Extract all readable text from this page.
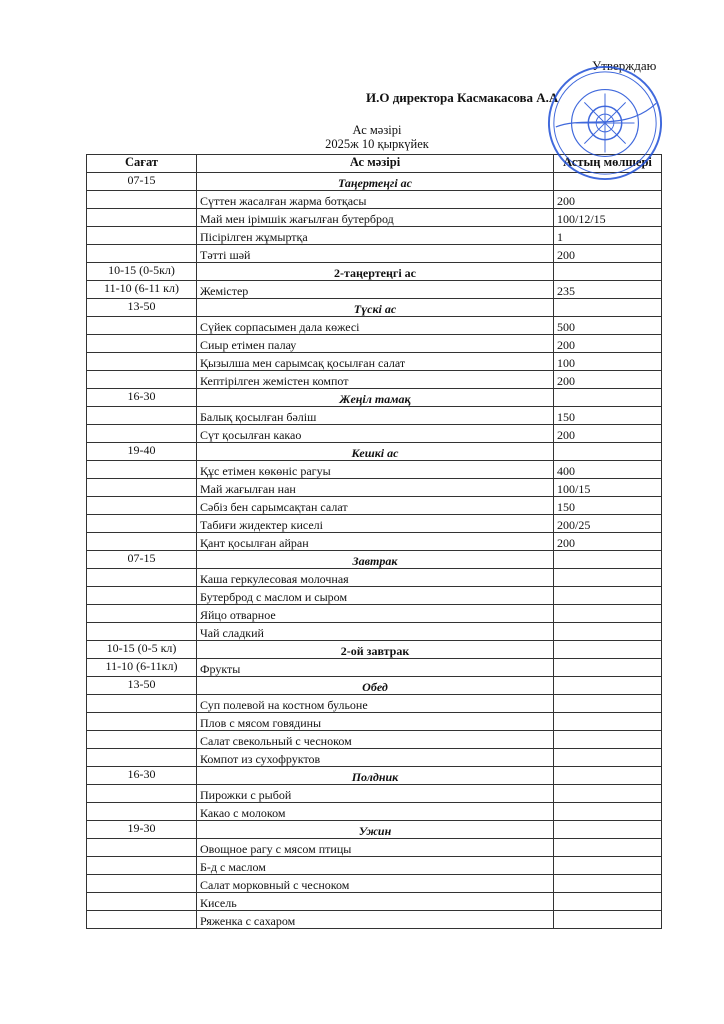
Утверждаю
И.О директора Касмакасова А.А
Ас мәзірі
2025ж 10 қыркүйек
Сағат	Ас мәзірі	Астың мөлшері
07-15	Таңертеңгі ас	
	Сүттен жасалған жарма ботқасы	200
	Май мен ірімшік жағылған бутерброд	100/12/15
	Пісірілген жұмыртқа	1
	Тәтті шәй	200
10-15 (0-5кл)	2-таңертеңгі ас	
11-10 (6-11 кл)	Жемістер	235
13-50	Түскі ас	
	Сүйек сорпасымен дала көжесі	500
	Сиыр етімен палау	200
	Қызылша мен сарымсақ қосылған салат	100
	Кептірілген жемістен компот	200
16-30	Жеңіл тамақ	
	Балық қосылған бәліш	150
	Сүт қосылған какао	200
19-40	Кешкі ас	
	Құс етімен көкөніс рагуы	400
	Май жағылған нан	100/15
	Сәбіз бен сарымсақтан салат	150
	Табиғи жидектер киселі	200/25
	Қант қосылған айран	200
07-15	Завтрак	
	Каша геркулесовая молочная	
	Бутерброд с маслом и сыром	
	Яйцо отварное	
	Чай сладкий	
10-15 (0-5 кл)	2-ой завтрак	
11-10 (6-11кл)	Фрукты	
13-50	Обед	
	Суп полевой на костном бульоне	
	Плов с мясом говядины	
	Салат свекольный с чесноком	
	Компот из сухофруктов	
16-30	Полдник	
	Пирожки с рыбой	
	Какао с молоком	
19-30	Ужин	
	Овощное рагу с мясом птицы	
	Б-д с маслом	
	Салат морковный с чесноком	
	Кисель	
	Ряженка с сахаром	
